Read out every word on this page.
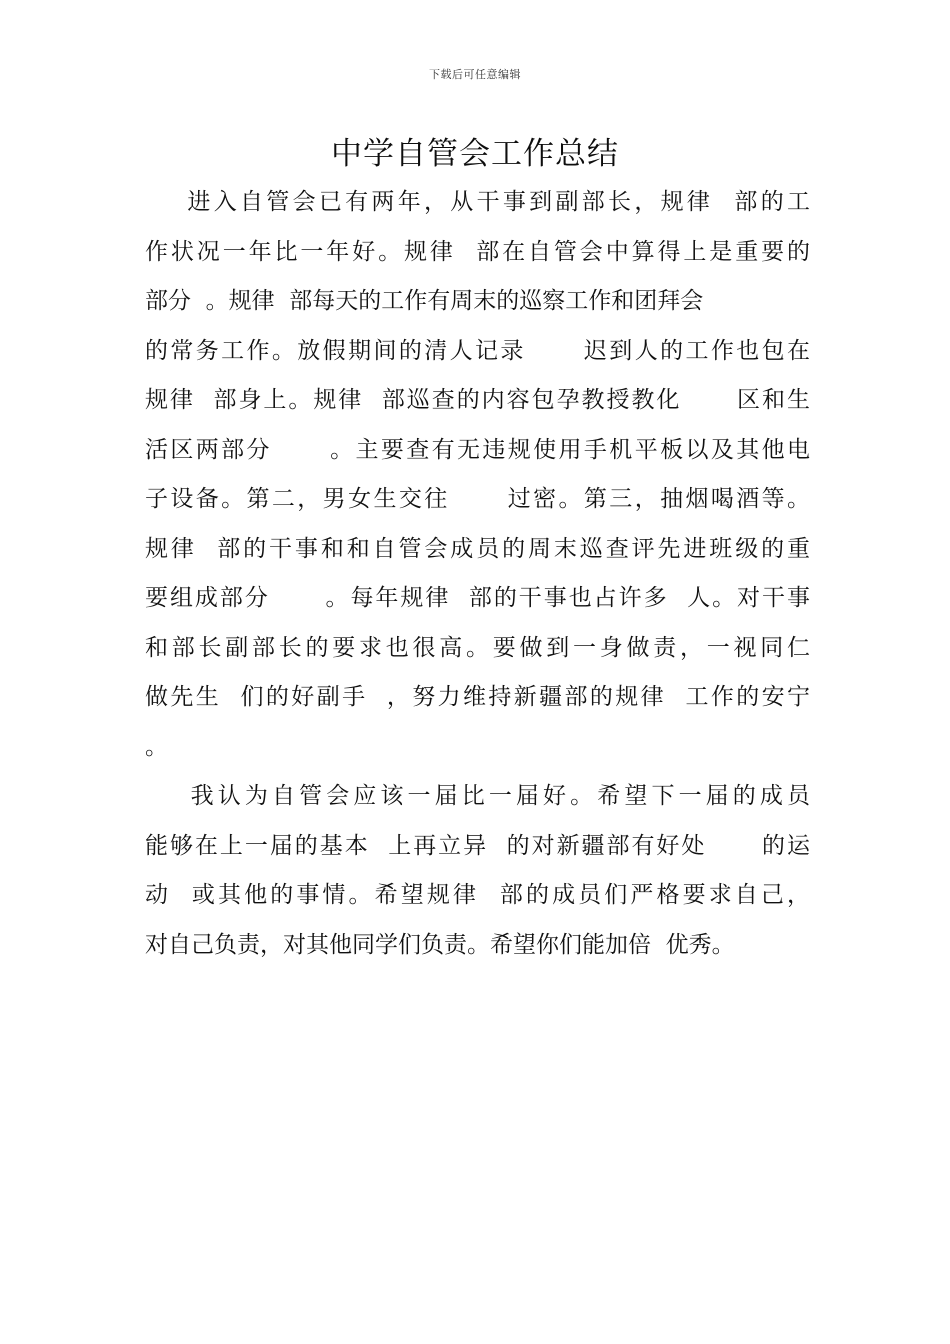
下载后可任意编辑
中学自管会工作总结
进入自管会已有两年，从干事到副部长，规律  部的工
作状况一年比一年好。规律  部在自管会中算得上是重要的
部分  。规律  部每天的工作有周末的巡察工作和团拜会
的常务工作。放假期间的清人记录      迟到人的工作也包在
规律  部身上。规律  部巡查的内容包孕教授教化      区和生
活区两部分      。主要查有无违规使用手机平板以及其他电
子设备。第二，男女生交往      过密。第三，抽烟喝酒等。
规律  部的干事和和自管会成员的周末巡查评先进班级的重
要组成部分      。每年规律  部的干事也占许多  人。对干事
和部长副部长的要求也很高。要做到一身做责，一视同仁
做先生  们的好副手  ，努力维持新疆部的规律  工作的安宁
。
我认为自管会应该一届比一届好。希望下一届的成员
能够在上一届的基本  上再立异  的对新疆部有好处      的运
动  或其他的事情。希望规律  部的成员们严格要求自己，
对自己负责，对其他同学们负责。希望你们能加倍  优秀。
